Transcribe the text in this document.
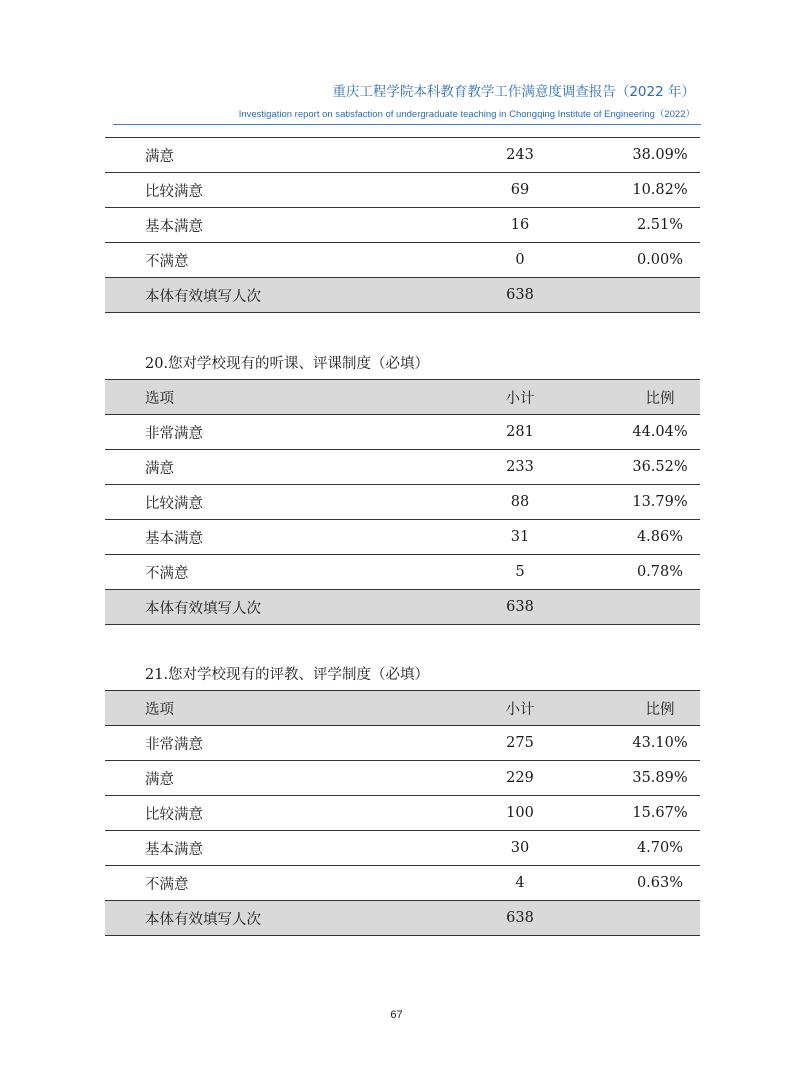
重庆工程学院本科教育教学工作满意度调查报告（2022 年）
Investigation report on satisfaction of undergraduate teaching in Chongqing Institute of Engineering（2022）
满意	243	38.09%
比较满意	69	10.82%
基本满意	16	2.51%
不满意	0	0.00%
本体有效填写人次	638	
20.您对学校现有的听课、评课制度（必填）
选项	小计	比例
非常满意	281	44.04%
满意	233	36.52%
比较满意	88	13.79%
基本满意	31	4.86%
不满意	5	0.78%
本体有效填写人次	638	
21.您对学校现有的评教、评学制度（必填）
选项	小计	比例
非常满意	275	43.10%
满意	229	35.89%
比较满意	100	15.67%
基本满意	30	4.70%
不满意	4	0.63%
本体有效填写人次	638	
67
